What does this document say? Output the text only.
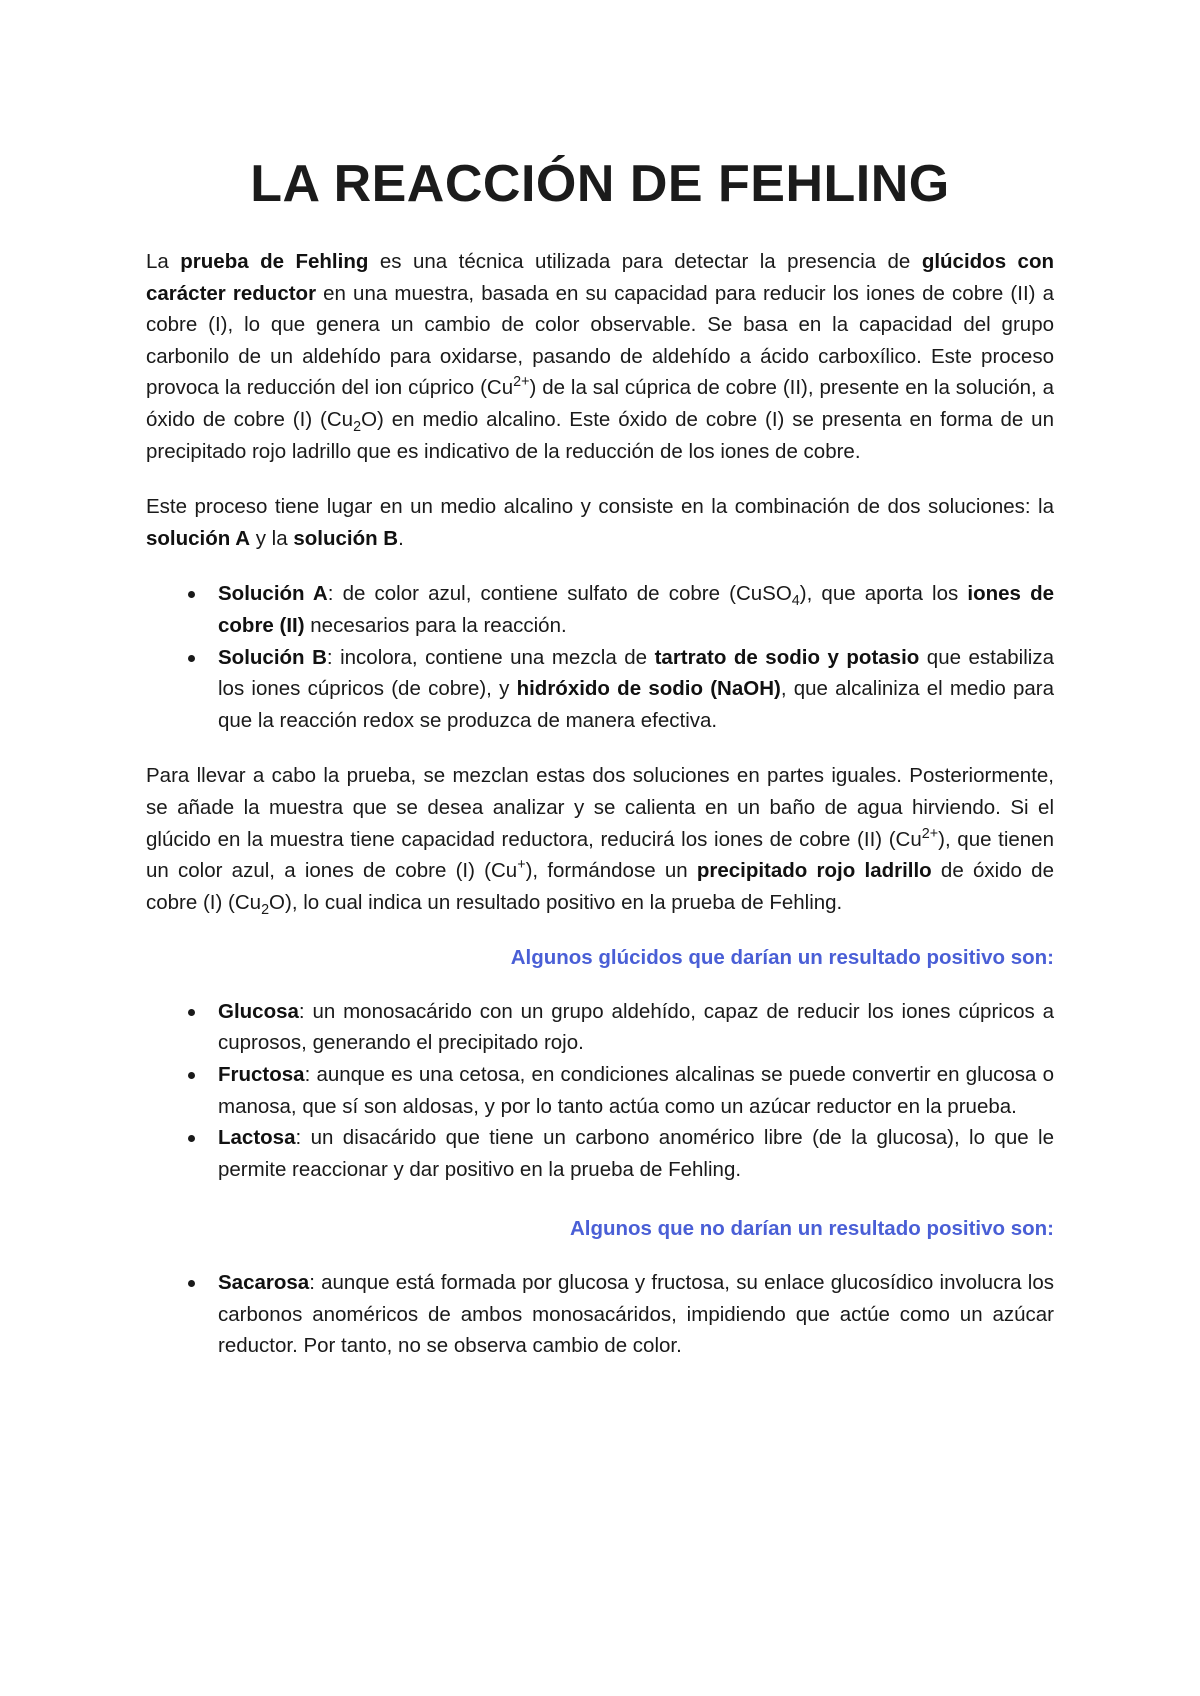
LA REACCIÓN DE FEHLING

La prueba de Fehling es una técnica utilizada para detectar la presencia de glúcidos con carácter reductor en una muestra, basada en su capacidad para reducir los iones de cobre (II) a cobre (I), lo que genera un cambio de color observable. Se basa en la capacidad del grupo carbonilo de un aldehído para oxidarse, pasando de aldehído a ácido carboxílico. Este proceso provoca la reducción del ion cúprico $(Cu^{2+})$ de la sal cúprica de cobre (II), presente en la solución, a óxido de cobre (I) $(Cu_2O)$ en medio alcalino. Este óxido de cobre (I) se presenta en forma de un precipitado rojo ladrillo que es indicativo de la reducción de los iones de cobre.

Este proceso tiene lugar en un medio alcalino y consiste en la combinación de dos soluciones: la solución A y la solución B.

Solución A: de color azul, contiene sulfato de cobre (CuSO$_4$), que aporta los iones de cobre (II) necesarios para la reacción.
Solución B: incolora, contiene una mezcla de tartrato de sodio y potasio que estabiliza los iones cúpricos (de cobre), y hidróxido de sodio (NaOH), que alcaliniza el medio para que la reacción redox se produzca de manera efectiva.

Para llevar a cabo la prueba, se mezclan estas dos soluciones en partes iguales. Posteriormente, se añade la muestra que se desea analizar y se calienta en un baño de agua hirviendo. Si el glúcido en la muestra tiene capacidad reductora, reducirá los iones de cobre (II) $(Cu^{2+})$, que tienen un color azul, a iones de cobre (I) (Cu+), formándose un precipitado rojo ladrillo de óxido de cobre (I) $(Cu_2O)$, lo cual indica un resultado positivo en la prueba de Fehling.

Algunos glúcidos que darían un resultado positivo son:

Glucosa: un monosacárido con un grupo aldehído, capaz de reducir los iones cúpricos a cuprosos, generando el precipitado rojo.
Fructosa: aunque es una cetosa, en condiciones alcalinas se puede convertir en glucosa o manosa, que sí son aldosas, y por lo tanto actúa como un azúcar reductor en la prueba.
Lactosa: un disacárido que tiene un carbono anomérico libre (de la glucosa), lo que le permite reaccionar y dar positivo en la prueba de Fehling.

Algunos que no darían un resultado positivo son:

Sacarosa: aunque está formada por glucosa y fructosa, su enlace glucosídico involucra los carbonos anoméricos de ambos monosacáridos, impidiendo que actúe como un azúcar reductor. Por tanto, no se observa cambio de color.
